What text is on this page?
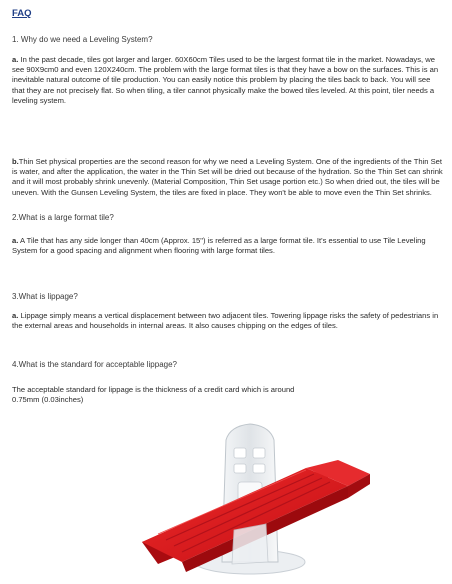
FAQ
1. Why do we need a Leveling System?
a. In the past decade, tiles got larger and larger. 60X60cm Tiles used to be the largest format tile in the market. Nowadays, we see 90X9cm0 and even 120X240cm. The problem with the large format tiles is that they have a bow on the surfaces. This is an inevitable natural outcome of tile production. You can easily notice this problem by placing the tiles back to back. You will see that they are not precisely flat. So when tiling, a tiler cannot physically make the bowed tiles leveled. At this point, tiler needs a leveling system.
b.Thin Set physical properties are the second reason for why we need a Leveling System. One of the ingredients of the Thin Set is water, and after the application, the water in the Thin Set will be dried out because of the hydration. So the Thin Set can shrink and it will most probably shrink unevenly. (Material Composition, Thin Set usage portion etc.) So when dried out, the tiles will be uneven. With the Gunsen Leveling System, the tiles are fixed in place. They won't be able to move even the Thin Set shrinks.
2.What is a large format tile?
a. A Tile that has any side longer than 40cm (Approx. 15") is referred as a large format tile. It's essential to use Tile Leveling System for a good spacing and alignment when flooring with large format tiles.
3.What is lippage?
a. Lippage simply means a vertical displacement between two adjacent tiles. Towering lippage risks the safety of pedestrians in the external areas and households in internal areas. It also causes chipping on the edges of tiles.
4.What is the standard for acceptable lippage?
The acceptable standard for lippage is the thickness of a credit card which is around 0.75mm (0.03inches)
